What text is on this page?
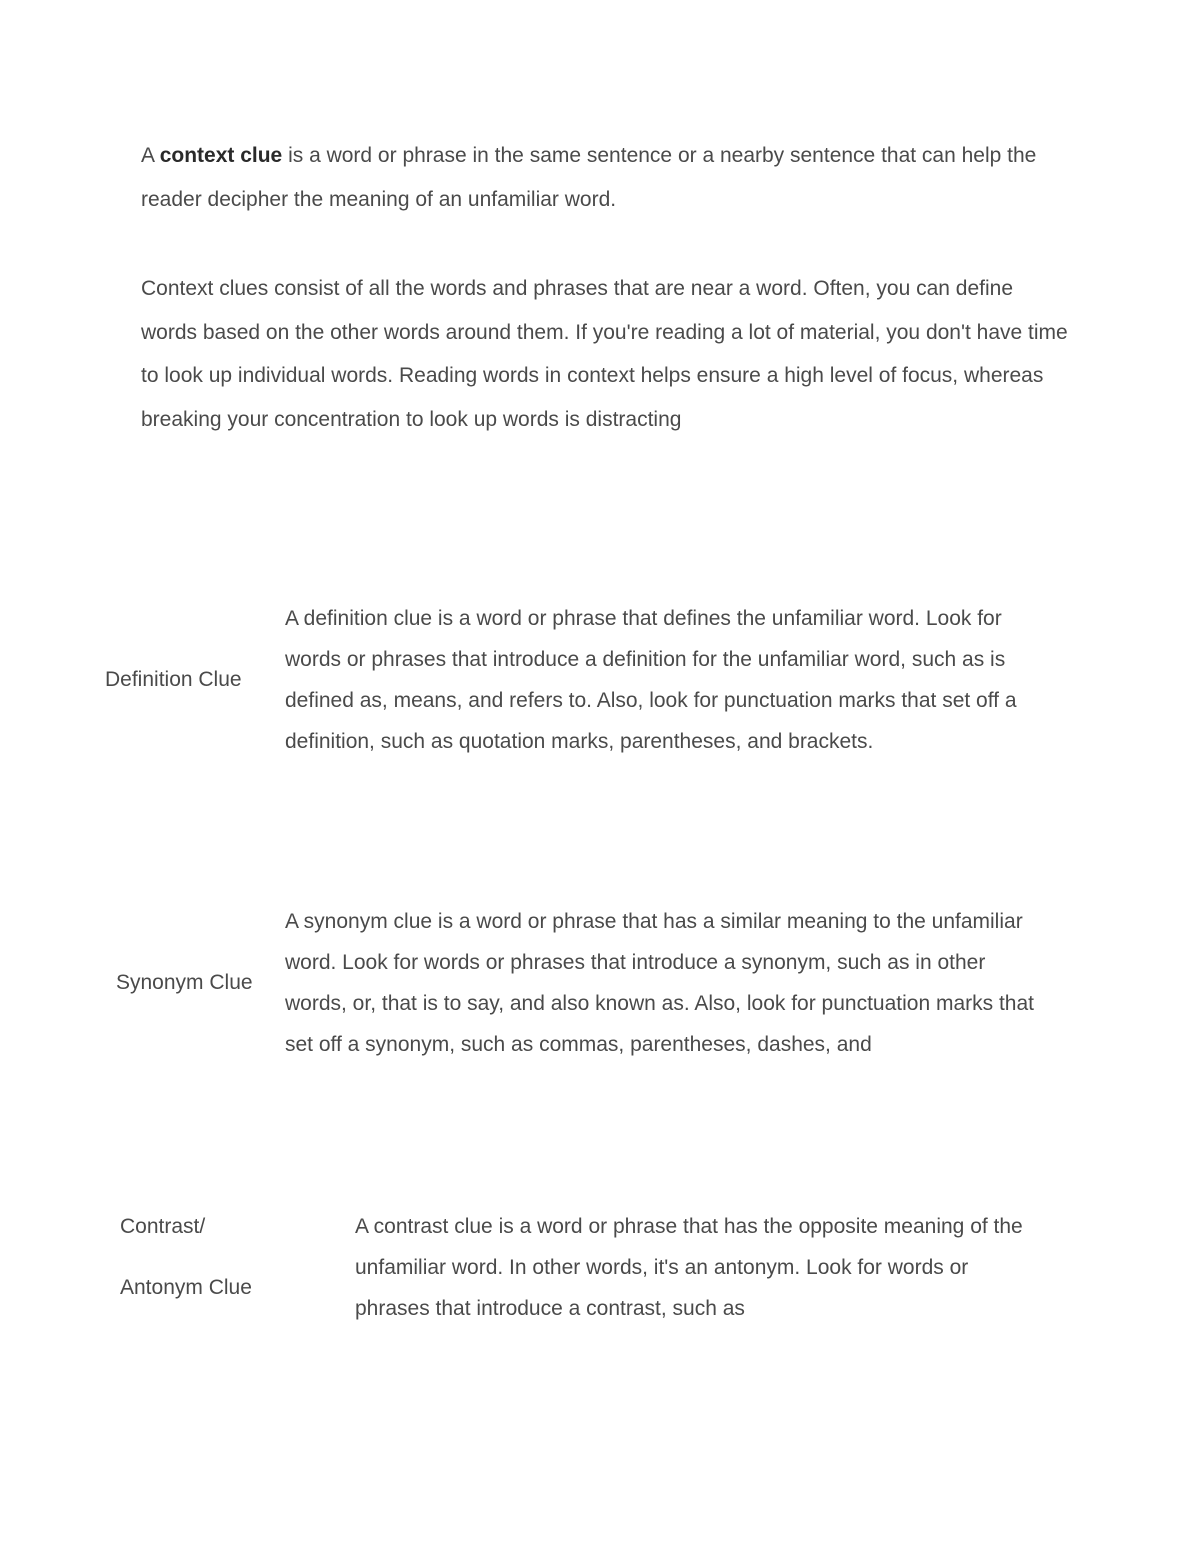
A context clue is a word or phrase in the same sentence or a nearby sentence that can help the reader decipher the meaning of an unfamiliar word.

Context clues consist of all the words and phrases that are near a word. Often, you can define words based on the other words around them. If you're reading a lot of material, you don't have time to look up individual words. Reading words in context helps ensure a high level of focus, whereas breaking your concentration to look up words is distracting

Definition Clue

A definition clue is a word or phrase that defines the unfamiliar word. Look for words or phrases that introduce a definition for the unfamiliar word, such as is defined as, means, and refers to. Also, look for punctuation marks that set off a definition, such as quotation marks, parentheses, and brackets.

Synonym Clue

A synonym clue is a word or phrase that has a similar meaning to the unfamiliar word. Look for words or phrases that introduce a synonym, such as in other words, or, that is to say, and also known as. Also, look for punctuation marks that set off a synonym, such as commas, parentheses, dashes, and

Contrast/

Antonym Clue

A contrast clue is a word or phrase that has the opposite meaning of the unfamiliar word. In other words, it's an antonym. Look for words or phrases that introduce a contrast, such as
